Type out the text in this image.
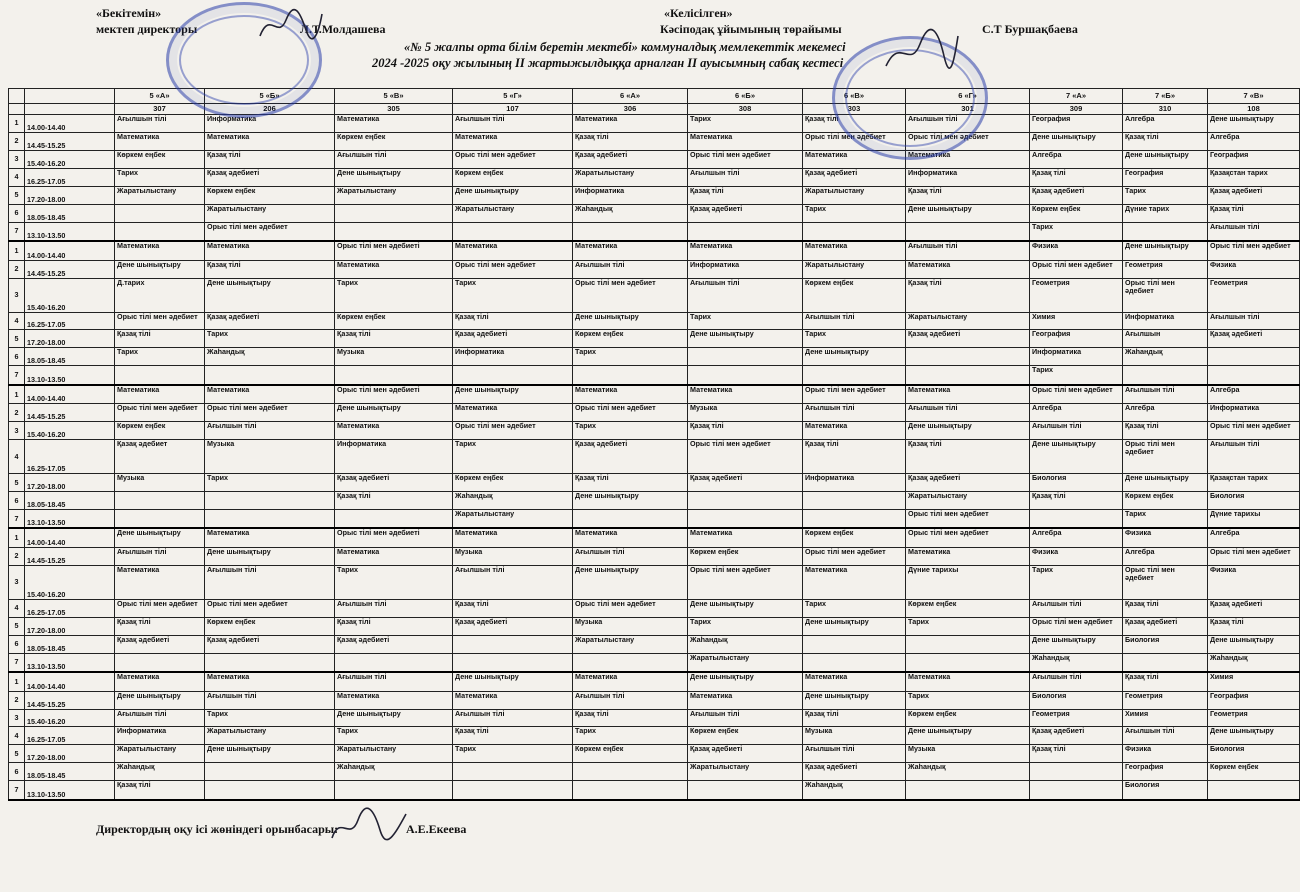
«Бекітемін»
мектеп директоры	Л.Т.Молдашева
«Келісілген»
Кәсіподақ ұйымының төрайымы	С.Т Буршақбаева
«№ 5 жалпы орта білім беретін мектебі» коммуналдық мемлекеттік мекемесі
2024 -2025 оқу жылының ІІ жартыжылдыққа арналған ІІ ауысымның сабақ кестесі
		5 «А»	5 «Б»	5 «В»	5 «Г»	6 «А»	6 «Б»	6 «В»	6 «Г»	7 «А»	7 «Б»	7 «В»
		307	206	305	107	306	308	303	301	309	310	108
1	14.00-14.40	Ағылшын тілі	Информатика	Математика	Ағылшын тілі	Математика	Тарих	Қазақ тілі	Ағылшын тілі	География	Алгебра	Дене шынықтыру
2	14.45-15.25	Математика	Математика	Көркем еңбек	Математика	Қазақ тілі	Математика	Орыс тілі мен әдебиет	Орыс тілі мен әдебиет	Дене шынықтыру	Қазақ тілі	Алгебра
3	15.40-16.20	Көркем еңбек	Қазақ тілі	Ағылшын тілі	Орыс тілі мен әдебиет	Қазақ әдебиеті	Орыс тілі мен әдебиет	Математика	Математика	Алгебра	Дене шынықтыру	География
4	16.25-17.05	Тарих	Қазақ әдебиеті	Дене шынықтыру	Көркем еңбек	Жаратылыстану	Ағылшын тілі	Қазақ әдебиеті	Информатика	Қазақ тілі	География	Қазақстан тарих
5	17.20-18.00	Жаратылыстану	Көркем еңбек	Жаратылыстану	Дене шынықтыру	Информатика	Қазақ тілі	Жаратылыстану	Қазақ тілі	Қазақ әдебиеті	Тарих	Қазақ әдебиеті
6	18.05-18.45		Жаратылыстану		Жаратылыстану	Жаһандық	Қазақ әдебиеті	Тарих	Дене шынықтыру	Көркем еңбек	Дүние тарих	Қазақ тілі
7	13.10-13.50		Орыс тілі мен әдебиет							Тарих		Ағылшын тілі
1	14.00-14.40	Математика	Математика	Орыс тілі мен әдебиеті	Математика	Математика	Математика	Математика	Ағылшын тілі	Физика	Дене шынықтыру	Орыс тілі мен әдебиет
2	14.45-15.25	Дене шынықтыру	Қазақ тілі	Математика	Орыс тілі мен әдебиет	Ағылшын тілі	Информатика	Жаратылыстану	Математика	Орыс тілі мен әдебиет	Геометрия	Физика
3	15.40-16.20	Д.тарих	Дене шынықтыру	Тарих	Тарих	Орыс тілі мен әдебиет	Ағылшын тілі	Көркем еңбек	Қазақ тілі	Геометрия	Орыс тілі мен әдебиет	Геометрия
4	16.25-17.05	Орыс тілі мен әдебиет	Қазақ әдебиеті	Көркем еңбек	Қазақ тілі	Дене шынықтыру	Тарих	Ағылшын тілі	Жаратылыстану	Химия	Информатика	Ағылшын тілі
5	17.20-18.00	Қазақ тілі	Тарих	Қазақ тілі	Қазақ әдебиеті	Көркем еңбек	Дене шынықтыру	Тарих	Қазақ әдебиеті	География	Ағылшын	Қазақ әдебиеті
6	18.05-18.45	Тарих	Жаһандық	Музыка	Информатика	Тарих		Дене шынықтыру		Информатика	Жаһандық	
7	13.10-13.50									Тарих		
1	14.00-14.40	Математика	Математика	Орыс тілі мен әдебиеті	Дене шынықтыру	Математика	Математика	Орыс тілі мен әдебиет	Математика	Орыс тілі мен әдебиет	Ағылшын тілі	Алгебра
2	14.45-15.25	Орыс тілі мен әдебиет	Орыс тілі мен әдебиет	Дене шынықтыру	Математика	Орыс тілі мен әдебиет	Музыка	Ағылшын тілі	Ағылшын тілі	Алгебра	Алгебра	Информатика
3	15.40-16.20	Көркем еңбек	Ағылшын тілі	Математика	Орыс тілі мен әдебиет	Тарих	Қазақ тілі	Математика	Дене шынықтыру	Ағылшын тілі	Қазақ тілі	Орыс тілі мен әдебиет
4	16.25-17.05	Қазақ әдебиет	Музыка	Информатика	Тарих	Қазақ әдебиеті	Орыс тілі мен әдебиет	Қазақ тілі	Қазақ тілі	Дене шынықтыру	Орыс тілі мен әдебиет	Ағылшын тілі
5	17.20-18.00	Музыка	Тарих	Қазақ әдебиеті	Көркем еңбек	Қазақ тілі	Қазақ әдебиеті	Информатика	Қазақ әдебиеті	Биология	Дене шынықтыру	Қазақстан тарих
6	18.05-18.45			Қазақ тілі	Жаһандық	Дене шынықтыру			Жаратылыстану	Қазақ тілі	Көркем еңбек	Биология
7	13.10-13.50				Жаратылыстану				Орыс тілі мен әдебиет		Тарих	Дүние тарихы
1	14.00-14.40	Дене шынықтыру	Математика	Орыс тілі мен әдебиеті	Математика	Математика	Математика	Көркем еңбек	Орыс тілі мен әдебиет	Алгебра	Физика	Алгебра
2	14.45-15.25	Ағылшын тілі	Дене шынықтыру	Математика	Музыка	Ағылшын тілі	Көркем еңбек	Орыс тілі мен әдебиет	Математика	Физика	Алгебра	Орыс тілі мен әдебиет
3	15.40-16.20	Математика	Ағылшын тілі	Тарих	Ағылшын тілі	Дене шынықтыру	Орыс тілі мен әдебиет	Математика	Дүние тарихы	Тарих	Орыс тілі мен әдебиет	Физика
4	16.25-17.05	Орыс тілі мен әдебиет	Орыс тілі мен әдебиет	Ағылшын тілі	Қазақ тілі	Орыс тілі мен әдебиет	Дене шынықтыру	Тарих	Көркем еңбек	Ағылшын тілі	Қазақ тілі	Қазақ әдебиеті
5	17.20-18.00	Қазақ тілі	Көркем еңбек	Қазақ тілі	Қазақ әдебиеті	Музыка	Тарих	Дене шынықтыру	Тарих	Орыс тілі мен әдебиет	Қазақ әдебиеті	Қазақ тілі
6	18.05-18.45	Қазақ әдебиеті	Қазақ әдебиеті	Қазақ әдебиеті		Жаратылыстану	Жаһандық			Дене шынықтыру	Биология	Дене шынықтыру
7	13.10-13.50						Жаратылыстану			Жаһандық		Жаһандық
1	14.00-14.40	Математика	Математика	Ағылшын тілі	Дене шынықтыру	Математика	Дене шынықтыру	Математика	Математика	Ағылшын тілі	Қазақ тілі	Химия
2	14.45-15.25	Дене шынықтыру	Ағылшын тілі	Математика	Математика	Ағылшын тілі	Математика	Дене шынықтыру	Тарих	Биология	Геометрия	География
3	15.40-16.20	Ағылшын тілі	Тарих	Дене шынықтыру	Ағылшын тілі	Қазақ тілі	Ағылшын тілі	Қазақ тілі	Көркем еңбек	Геометрия	Химия	Геометрия
4	16.25-17.05	Информатика	Жаратылыстану	Тарих	Қазақ тілі	Тарих	Көркем еңбек	Музыка	Дене шынықтыру	Қазақ әдебиеті	Ағылшын тілі	Дене шынықтыру
5	17.20-18.00	Жаратылыстану	Дене шынықтыру	Жаратылыстану	Тарих	Көркем еңбек	Қазақ әдебиеті	Ағылшын тілі	Музыка	Қазақ тілі	Физика	Биология
6	18.05-18.45	Жаһандық		Жаһандық			Жаратылыстану	Қазақ әдебиеті	Жаһандық		География	Көркем еңбек
7	13.10-13.50	Қазақ тілі						Жаһандық			Биология	
Директордың оқу ісі жөніндегі орынбасары:	А.Е.Екеева
